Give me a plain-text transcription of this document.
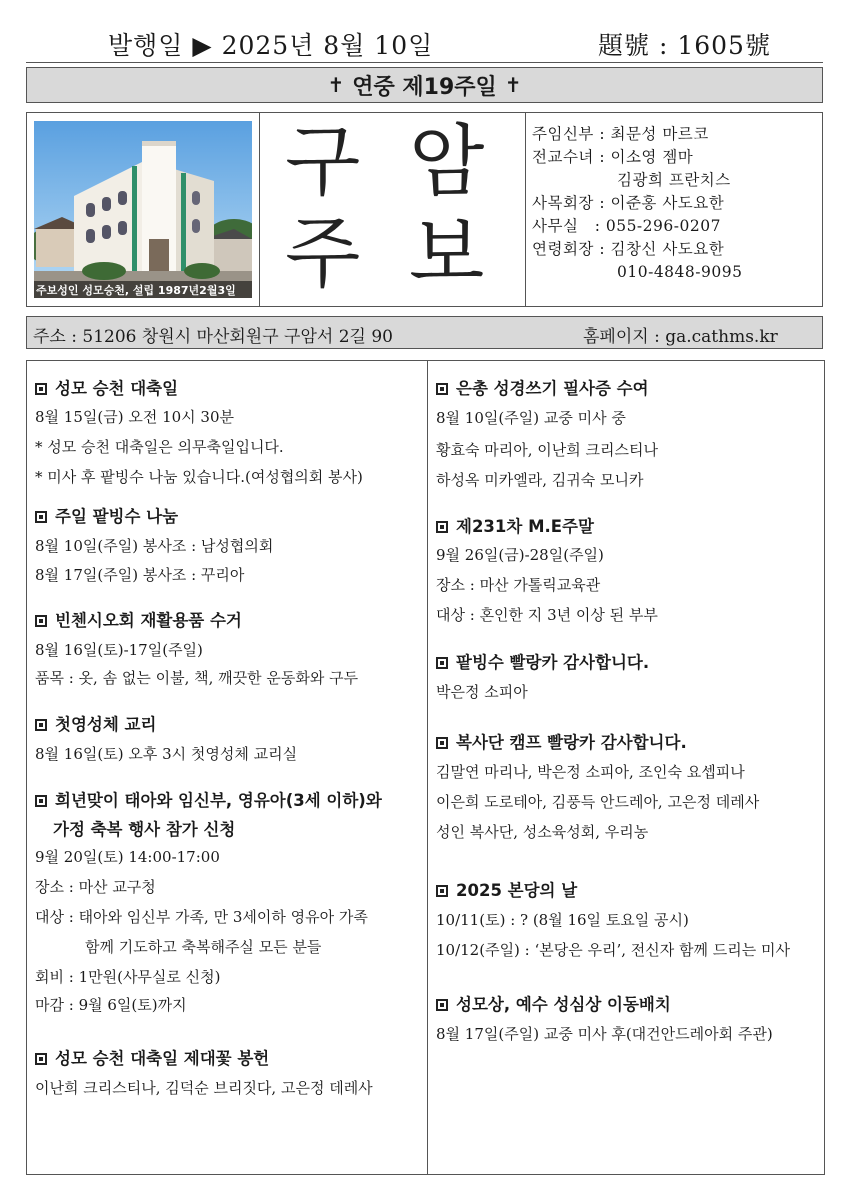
발행일 ▶ 2025년 8월 10일	題號 : 1605號
✝ 연중 제19주일 ✝
주보성인 성모승천, 설립 1987년2월3일
구 암
주 보
주임신부 : 최문성 마르코
전교수녀 : 이소영 젬마
김광희 프란치스
사목회장 : 이준홍 사도요한
사무실   : 055-296-0207
연령회장 : 김창신 사도요한
010-4848-9095
주소 : 51206 창원시 마산회원구 구암서 2길 90	홈페이지 : ga.cathms.kr
성모 승천 대축일
8월 15일(금) 오전 10시 30분
* 성모 승천 대축일은 의무축일입니다.
* 미사 후 팥빙수 나눔 있습니다.(여성협의회 봉사)
주일 팥빙수 나눔
8월 10일(주일) 봉사조 : 남성협의회
8월 17일(주일) 봉사조 : 꾸리아
빈첸시오회 재활용품 수거
8월 16일(토)-17일(주일)
품목 : 옷, 솜 없는 이불, 책, 깨끗한 운동화와 구두
첫영성체 교리
8월 16일(토) 오후 3시 첫영성체 교리실
희년맞이 태아와 임신부, 영유아(3세 이하)와
가정 축복 행사 참가 신청
9월 20일(토) 14:00-17:00
장소 : 마산 교구청
대상 : 태아와 임신부 가족, 만 3세이하 영유아 가족
함께 기도하고 축복해주실 모든 분들
회비 : 1만원(사무실로 신청)
마감 : 9월 6일(토)까지
성모 승천 대축일 제대꽃 봉헌
이난희 크리스티나, 김덕순 브리짓다, 고은정 데레사
은총 성경쓰기 필사증 수여
8월 10일(주일) 교중 미사 중
황효숙 마리아, 이난희 크리스티나
하성옥 미카엘라, 김귀숙 모니카
제231차 M.E주말
9월 26일(금)-28일(주일)
장소 : 마산 가톨릭교육관
대상 : 혼인한 지 3년 이상 된 부부
팥빙수 빨랑카 감사합니다.
박은정 소피아
복사단 캠프 빨랑카 감사합니다.
김말연 마리나, 박은정 소피아, 조인숙 요셉피나
이은희 도로테아, 김풍득 안드레아, 고은정 데레사
성인 복사단, 성소육성회, 우리농
2025 본당의 날
10/11(토) : ? (8월 16일 토요일 공시)
10/12(주일) : ‘본당은 우리’, 전신자 함께 드리는 미사
성모상, 예수 성심상 이동배치
8월 17일(주일) 교중 미사 후(대건안드레아회 주관)
